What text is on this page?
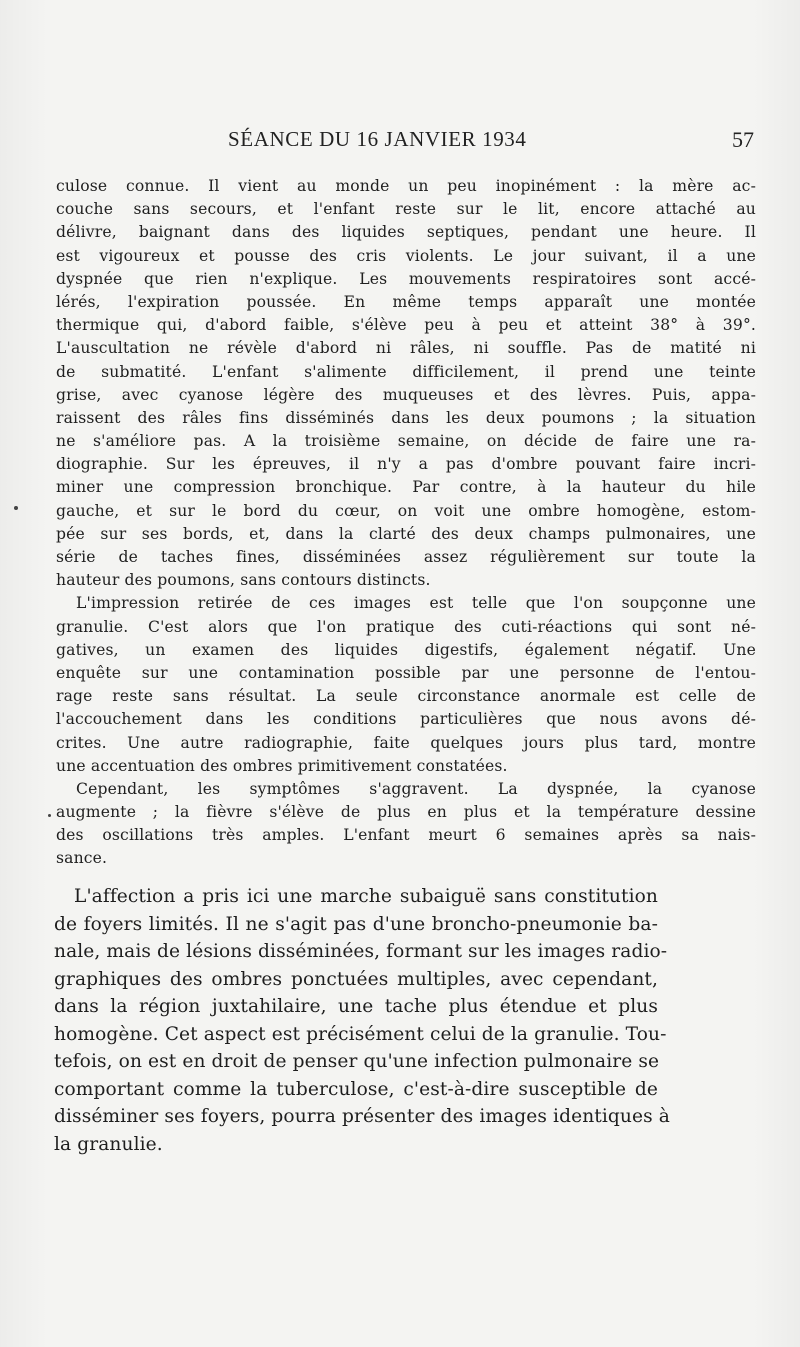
SÉANCE DU 16 JANVIER 1934	57
culose connue. Il vient au monde un peu inopinément : la mère ac-
couche sans secours, et l'enfant reste sur le lit, encore attaché au
délivre, baignant dans des liquides septiques, pendant une heure. Il
est vigoureux et pousse des cris violents. Le jour suivant, il a une
dyspnée que rien n'explique. Les mouvements respiratoires sont accé-
lérés, l'expiration poussée. En même temps apparaît une montée
thermique qui, d'abord faible, s'élève peu à peu et atteint 38° à 39°.
L'auscultation ne révèle d'abord ni râles, ni souffle. Pas de matité ni
de submatité. L'enfant s'alimente difficilement, il prend une teinte
grise, avec cyanose légère des muqueuses et des lèvres. Puis, appa-
raissent des râles fins disséminés dans les deux poumons ; la situation
ne s'améliore pas. A la troisième semaine, on décide de faire une ra-
diographie. Sur les épreuves, il n'y a pas d'ombre pouvant faire incri-
miner une compression bronchique. Par contre, à la hauteur du hile
gauche, et sur le bord du cœur, on voit une ombre homogène, estom-
pée sur ses bords, et, dans la clarté des deux champs pulmonaires, une
série de taches fines, disséminées assez régulièrement sur toute la
hauteur des poumons, sans contours distincts.
L'impression retirée de ces images est telle que l'on soupçonne une
granulie. C'est alors que l'on pratique des cuti-réactions qui sont né-
gatives, un examen des liquides digestifs, également négatif. Une
enquête sur une contamination possible par une personne de l'entou-
rage reste sans résultat. La seule circonstance anormale est celle de
l'accouchement dans les conditions particulières que nous avons dé-
crites. Une autre radiographie, faite quelques jours plus tard, montre
une accentuation des ombres primitivement constatées.
Cependant, les symptômes s'aggravent. La dyspnée, la cyanose
augmente ; la fièvre s'élève de plus en plus et la température dessine
des oscillations très amples. L'enfant meurt 6 semaines après sa nais-
sance.
L'affection a pris ici une marche subaiguë sans constitution
de foyers limités. Il ne s'agit pas d'une broncho-pneumonie ba-
nale, mais de lésions disséminées, formant sur les images radio-
graphiques des ombres ponctuées multiples, avec cependant,
dans la région juxtahilaire, une tache plus étendue et plus
homogène. Cet aspect est précisément celui de la granulie. Tou-
tefois, on est en droit de penser qu'une infection pulmonaire se
comportant comme la tuberculose, c'est-à-dire susceptible de
disséminer ses foyers, pourra présenter des images identiques à
la granulie.
